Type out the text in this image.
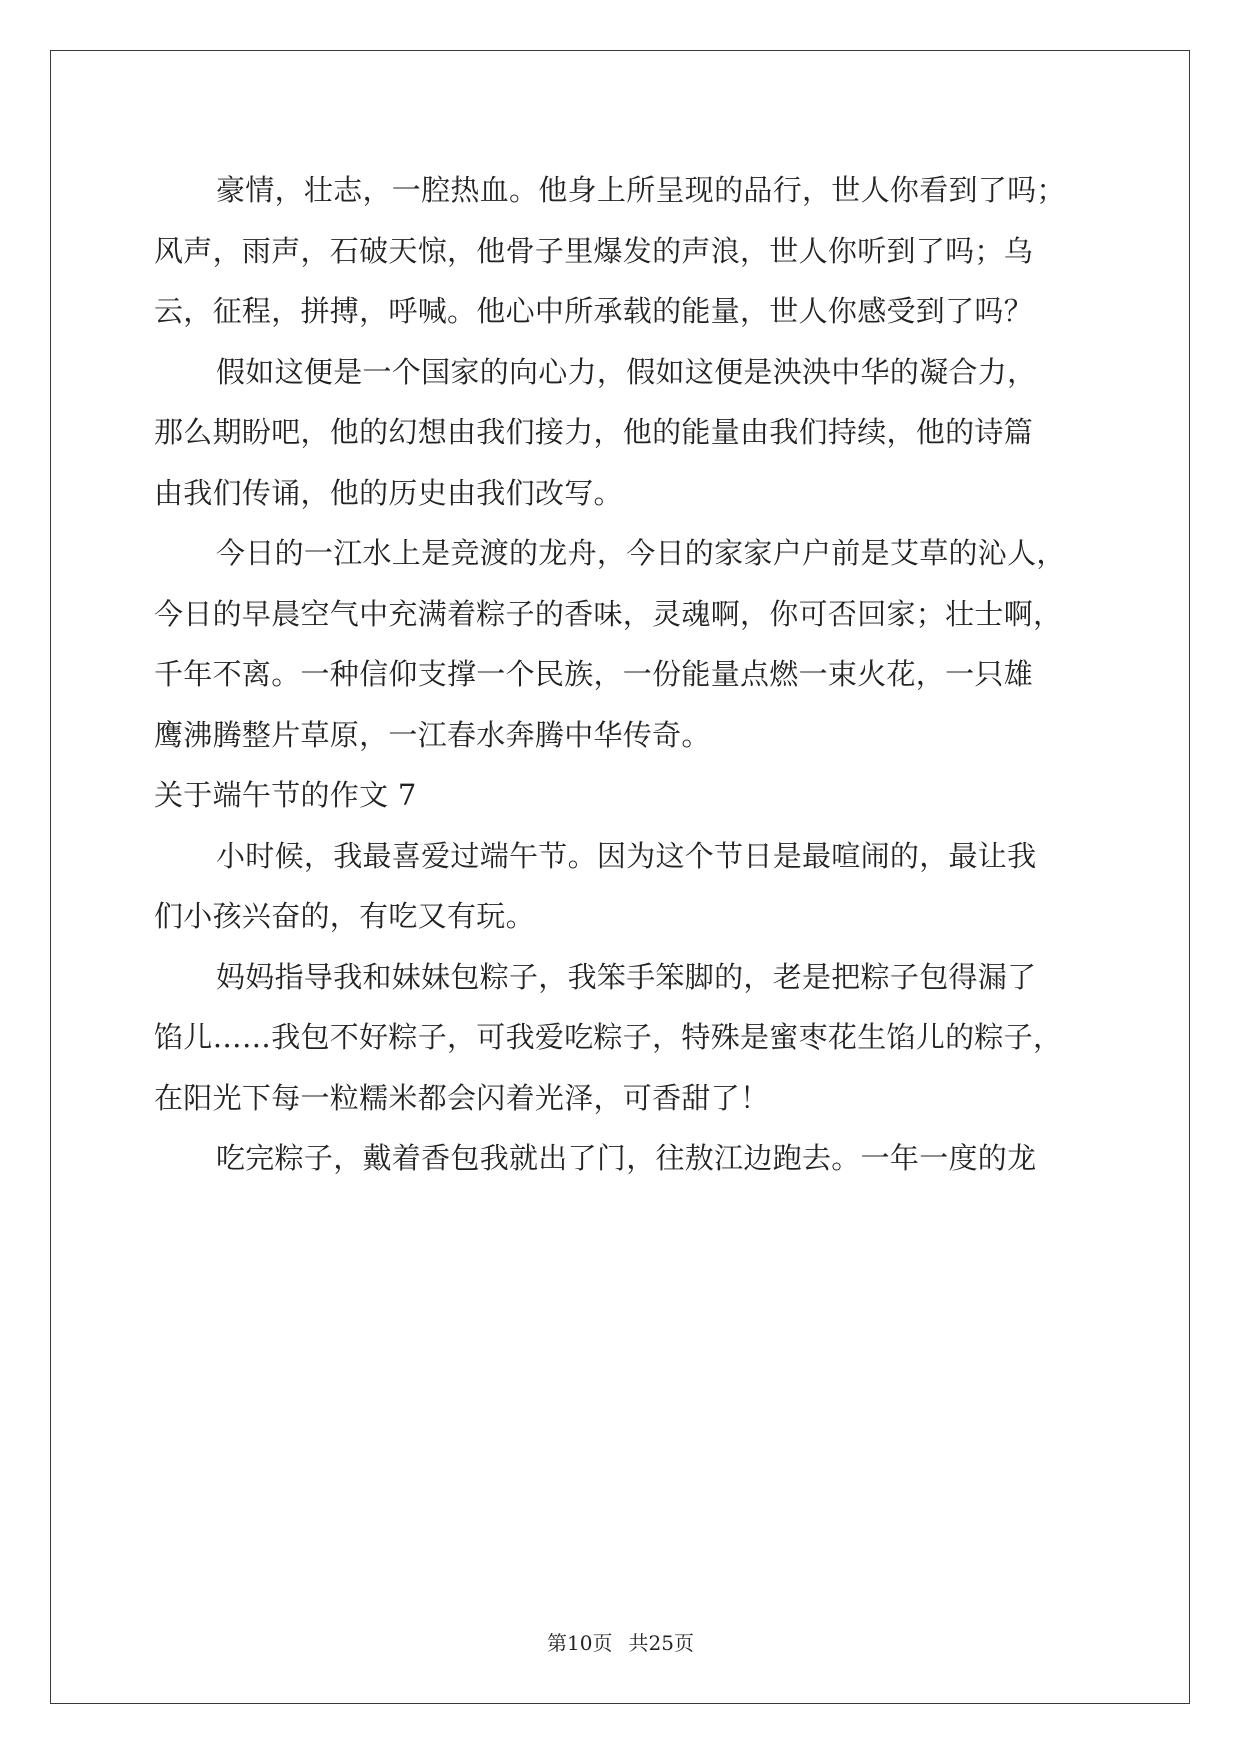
豪情，壮志，一腔热血。他身上所呈现的品行，世人你看到了吗；
风声，雨声，石破天惊，他骨子里爆发的声浪，世人你听到了吗；乌
云，征程，拼搏，呼喊。他心中所承载的能量，世人你感受到了吗？
假如这便是一个国家的向心力，假如这便是泱泱中华的凝合力，
那么期盼吧，他的幻想由我们接力，他的能量由我们持续，他的诗篇
由我们传诵，他的历史由我们改写。
今日的一江水上是竞渡的龙舟，今日的家家户户前是艾草的沁人，
今日的早晨空气中充满着粽子的香味，灵魂啊，你可否回家；壮士啊，
千年不离。一种信仰支撑一个民族，一份能量点燃一束火花，一只雄
鹰沸腾整片草原，一江春水奔腾中华传奇。
关于端午节的作文 7
小时候，我最喜爱过端午节。因为这个节日是最喧闹的，最让我
们小孩兴奋的，有吃又有玩。
妈妈指导我和妹妹包粽子，我笨手笨脚的，老是把粽子包得漏了
馅儿……我包不好粽子，可我爱吃粽子，特殊是蜜枣花生馅儿的粽子，
在阳光下每一粒糯米都会闪着光泽，可香甜了！
吃完粽子，戴着香包我就出了门，往敖江边跑去。一年一度的龙
第10页 共25页
